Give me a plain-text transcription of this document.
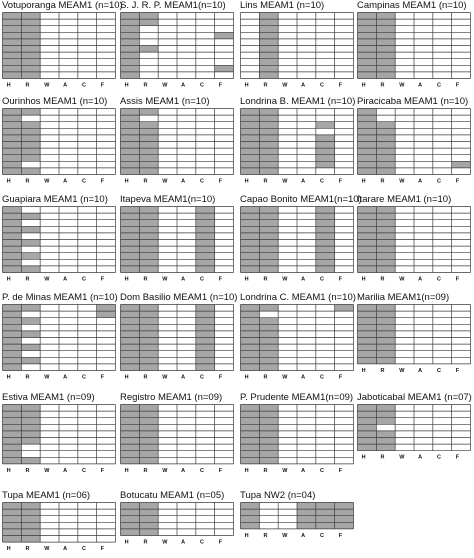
Votuporanga MEAM1 (n=10)
H	R	W A	C	F
S. J. R. P. MEAM1(n=10)
H	R	W A	C	F
Lins MEAM1 (n=10)
H	R	W A	C	F
Campinas MEAM1 (n=10)
H	R	W A	C	F
Ourinhos MEAM1 (n=10)
H	R	W A	C	F
Assis MEAM1 (n=10)
H	R	W A	C	F
Londrina B. MEAM1 (n=10)
H	R	W A	C	F
Piracicaba MEAM1 (n=10)
H	R	W A	C	F
Guapiara MEAM1 (n=10)
H	R	W A	C	F
Itapeva MEAM1(n=10)
H	R	W A	C	F
Capao Bonito MEAM1(n=10)
H	R	W A	C	F
Itarare MEAM1 (n=10)
H	R	W A	C	F
P. de Minas MEAM1 (n=10)
H	R	W A	C	F
Dom Basilio MEAM1 (n=10)
H	R	W A	C	F
Londrina C. MEAM1 (n=10)
H	R	W A	C	F
Marilia MEAM1(n=09)
H	R	W A	C	F
Estiva MEAM1 (n=09)
H	R	W A	C	F
Registro MEAM1 (n=09)
H	R	W A	C	F
P. Prudente MEAM1(n=09)
H	R	W A	C	F
Jaboticabal MEAM1 (n=07)
H	R	W A	C	F
Tupa MEAM1 (n=06)
H	R	W A	C	F
Botucatu MEAM1 (n=05)
H	R	W A	C	F
Tupa NW2 (n=04)
H	R	W A	C	F
